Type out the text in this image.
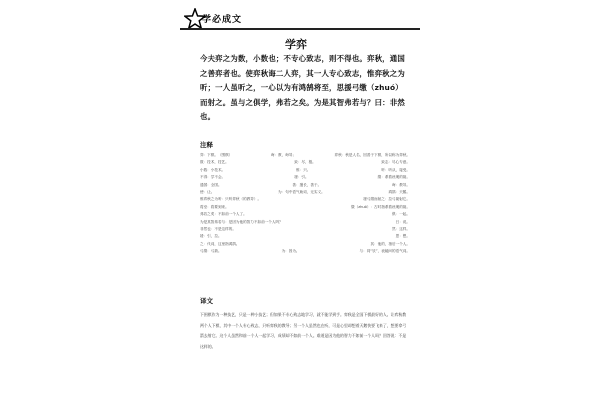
学必成文
学弈
今夫弈之为数，小数也；不专心致志，则不得也。弈秋，通国之善弈者也。使弈秋诲二人弈，其一人专心致志，惟弈秋之为听；一人虽听之，一心以为有鸿鹄将至，思援弓缴（zhuó）而射之。虽与之俱学，弗若之矣。为是其智弗若与？曰：非然也。
注释
弈：下棋。（围棋）	诲：教，诲导；	弈秋：秋是人名，因善于下棋，所以称为弈秋。
数：技术，技艺。	致：尽，极。	致志：尽心专意。
小数：小技术。	惟：只。	听：听从，接受。
不得：学不会。	援：引。	缴：系着丝绳的箭。
通国：全国。	善：擅长，善于。	诲：教导。
使：让。	为：句中语气助词，无实义。	鸿鹄：天鹅。
惟弈秋之为听：只听弈秋（的教导）。	援弓缴而射之：拉弓箭射它。
将至：将要到来。	缴（zhuó）：古时指系着丝绳的箭。
弗若之矣：不如前一个人了。	俱：一起。
为是其智弗若与：是因为他的智力不如前一个人吗？	曰：说。
非然也：不是这样的。	然：这样。
援：引，拉。	思：想。
之：代词，这里指鸿鹄。	其：他的，指后一个人。
弓缴：弓箭。	为：因为。	与：同“欤”，表疑问的语气词。
译文
下围棋作为一种技艺，只是一种小技艺；但如果不专心致志地学习，就不能学到手。弈秋是全国下棋最好的人。让弈秋教两个人下棋，其中一个人专心致志，只听弈秋的教导；另一个人虽然也在听，可是心里却想着天鹅快要飞来了，想要拿弓箭去射它。这个人虽然和前一个人一起学习，成绩却不如前一个人。难道是因为他的智力不如前一个人吗？回答说：不是这样的。
